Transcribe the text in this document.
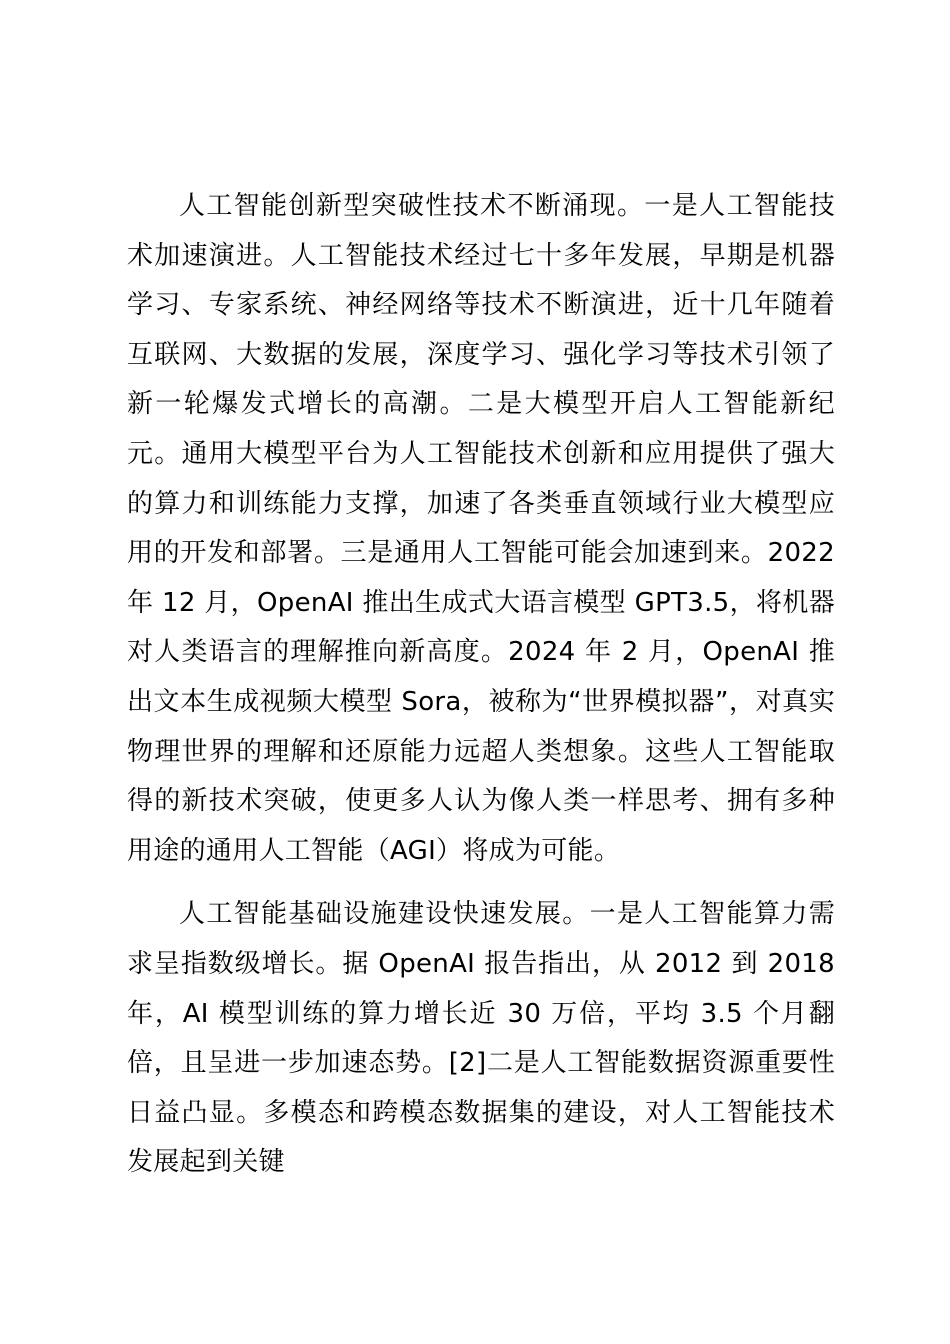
人工智能创新型突破性技术不断涌现。一是人工智能技术加速演进。人工智能技术经过七十多年发展，早期是机器学习、专家系统、神经网络等技术不断演进，近十几年随着互联网、大数据的发展，深度学习、强化学习等技术引领了新一轮爆发式增长的高潮。二是大模型开启人工智能新纪元。通用大模型平台为人工智能技术创新和应用提供了强大的算力和训练能力支撑，加速了各类垂直领域行业大模型应用的开发和部署。三是通用人工智能可能会加速到来。2022 年 12 月，OpenAI 推出生成式大语言模型 GPT3.5，将机器对人类语言的理解推向新高度。2024 年 2 月，OpenAI 推出文本生成视频大模型 Sora，被称为“世界模拟器”，对真实物理世界的理解和还原能力远超人类想象。这些人工智能取得的新技术突破，使更多人认为像人类一样思考、拥有多种用途的通用人工智能（AGI）将成为可能。

人工智能基础设施建设快速发展。一是人工智能算力需求呈指数级增长。据 OpenAI 报告指出，从 2012 到 2018 年，AI 模型训练的算力增长近 30 万倍，平均 3.5 个月翻倍，且呈进一步加速态势。[2]二是人工智能数据资源重要性日益凸显。多模态和跨模态数据集的建设，对人工智能技术发展起到关键
